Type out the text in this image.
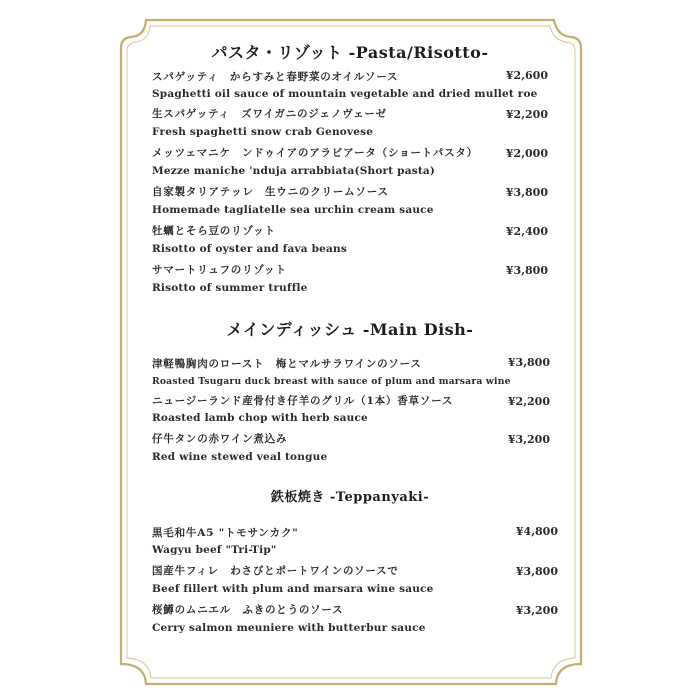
パスタ・リゾット -Pasta/Risotto-
スパゲッティ　からすみと春野菜のオイルソース	¥2,600
Spaghetti oil sauce of mountain vegetable and dried mullet roe
生スパゲッティ　ズワイガニのジェノヴェーゼ	¥2,200
Fresh spaghetti snow crab Genovese
メッツェマニケ　ンドゥイアのアラビアータ（ショートパスタ）	¥2,000
Mezze maniche 'nduja arrabbiata(Short pasta)
自家製タリアテッレ　生ウニのクリームソース	¥3,800
Homemade tagliatelle sea urchin cream sauce
牡蠣とそら豆のリゾット	¥2,400
Risotto of oyster and fava beans
サマートリュフのリゾット	¥3,800
Risotto of summer truffle
メインディッシュ -Main Dish-
津軽鴨胸肉のロースト　梅とマルサラワインのソース	¥3,800
Roasted Tsugaru duck breast with sauce of plum and marsara wine
ニュージーランド産骨付き仔羊のグリル（1本）香草ソース	¥2,200
Roasted lamb chop with herb sauce
仔牛タンの赤ワイン煮込み	¥3,200
Red wine stewed veal tongue
鉄板焼き -Teppanyaki-
黒毛和牛A5 "トモサンカク"	¥4,800
Wagyu beef "Tri-Tip"
国産牛フィレ　わさびとポートワインのソースで	¥3,800
Beef fillert with plum and marsara wine sauce
桜鱒のムニエル　ふきのとうのソース	¥3,200
Cerry salmon meuniere with butterbur sauce
